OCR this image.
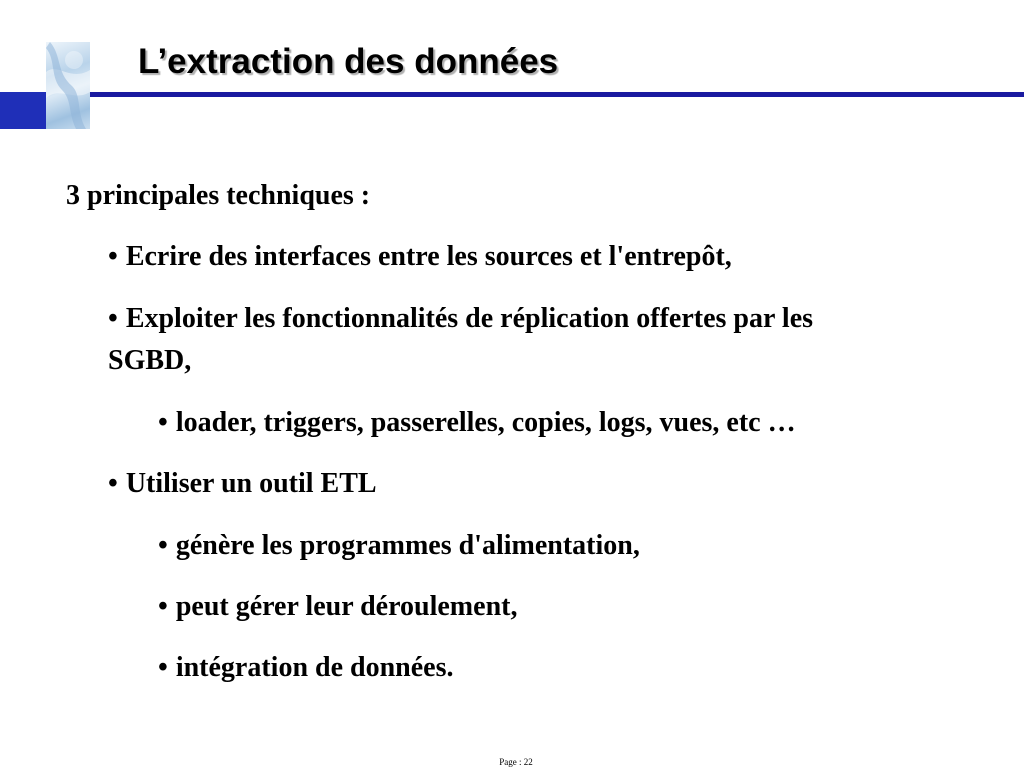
L’extraction des données
3 principales techniques :
• Ecrire des interfaces entre les sources et l'entrepôt,
• Exploiter les fonctionnalités de réplication offertes par les
SGBD,
• loader, triggers, passerelles, copies, logs, vues, etc …
• Utiliser un outil ETL
• génère les programmes d'alimentation,
• peut gérer leur déroulement,
• intégration de données.
Page : 22
